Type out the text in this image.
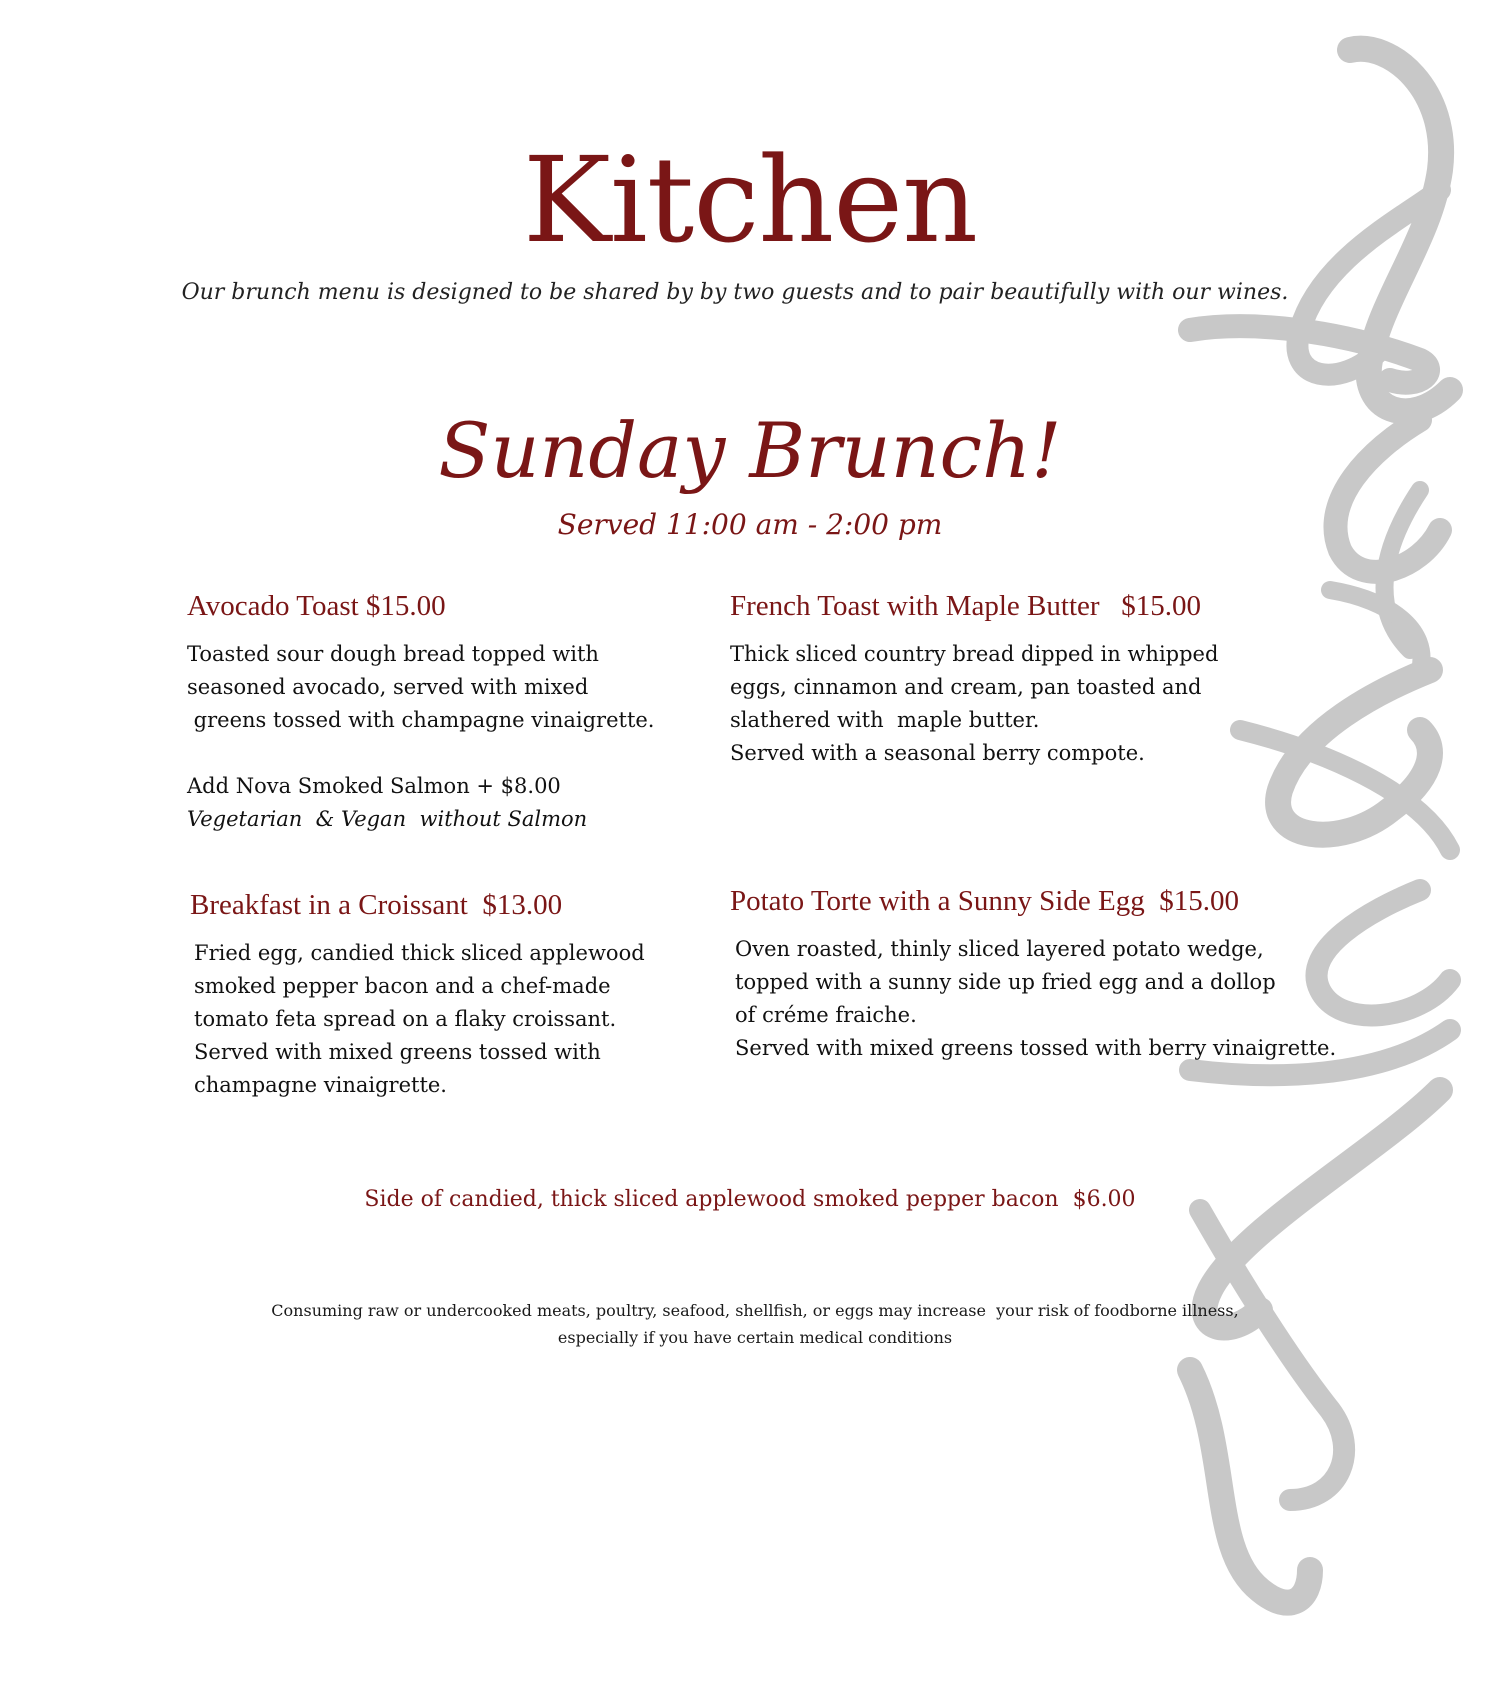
Kitchen
Our brunch menu is designed to be shared by by two guests and to pair beautifully with our wines.
Sunday Brunch!
Served 11:00 am - 2:00 pm
Avocado Toast $15.00
Toasted sour dough bread topped with
seasoned avocado, served with mixed
greens tossed with champagne vinaigrette.
Add Nova Smoked Salmon + $8.00
Vegetarian  & Vegan  without Salmon
French Toast with Maple Butter   $15.00
Thick sliced country bread dipped in whipped
eggs, cinnamon and cream, pan toasted and
slathered with  maple butter.
Served with a seasonal berry compote.
Breakfast in a Croissant  $13.00
Fried egg, candied thick sliced applewood
smoked pepper bacon and a chef-made
tomato feta spread on a flaky croissant.
Served with mixed greens tossed with
champagne vinaigrette.
Potato Torte with a Sunny Side Egg  $15.00
Oven roasted, thinly sliced layered potato wedge,
topped with a sunny side up fried egg and a dollop
of créme fraiche.
Served with mixed greens tossed with berry vinaigrette.
Side of candied, thick sliced applewood smoked pepper bacon  $6.00
Consuming raw or undercooked meats, poultry, seafood, shellfish, or eggs may increase  your risk of foodborne illness,
especially if you have certain medical conditions
